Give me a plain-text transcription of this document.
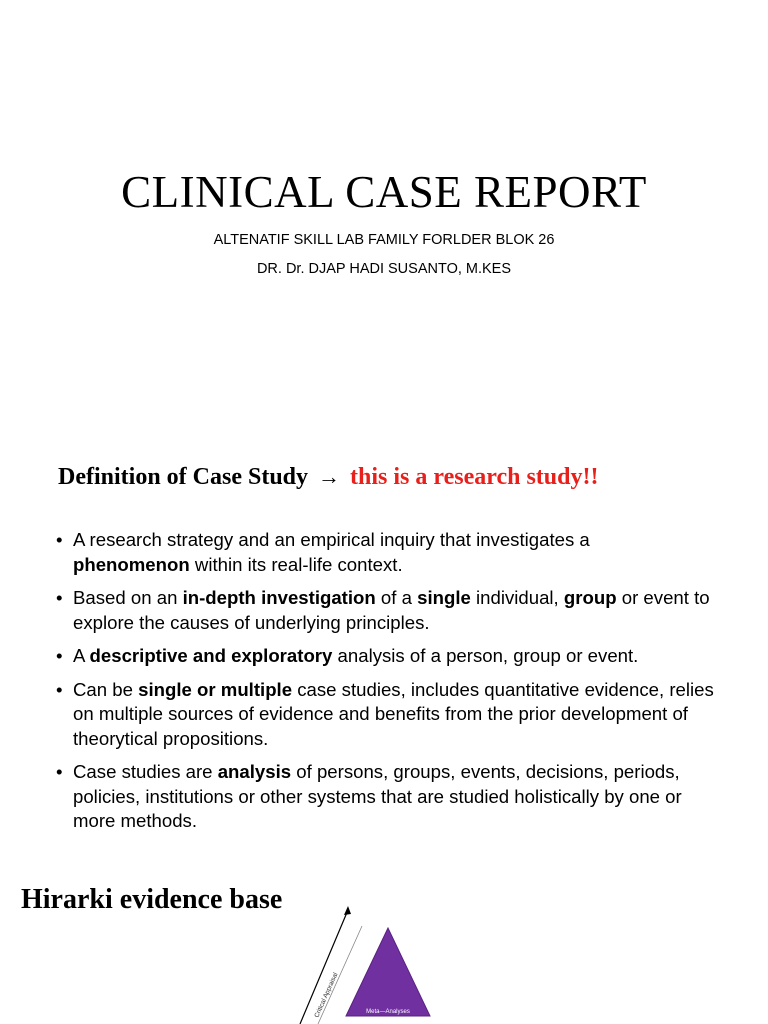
CLINICAL CASE REPORT
ALTENATIF SKILL LAB FAMILY FORLDER BLOK 26
DR. Dr. DJAP HADI SUSANTO, M.KES
Definition of Case Study → this is a research study!!
• A research strategy and an empirical inquiry that investigates a
phenomenon within its real-life context.
• Based on an in-depth investigation of a single individual, group or event to explore the causes of underlying principles.
• A descriptive and exploratory analysis of a person, group or event.
• Can be single or multiple case studies, includes quantitative evidence, relies on multiple sources of evidence and benefits from the prior development of theorytical propositions.
• Case studies are analysis of persons, groups, events, decisions, periods, policies, institutions or other systems that are studied holistically by one or more methods.
Hirarki evidence base
Critical Appraisal	Meta—Analyses
